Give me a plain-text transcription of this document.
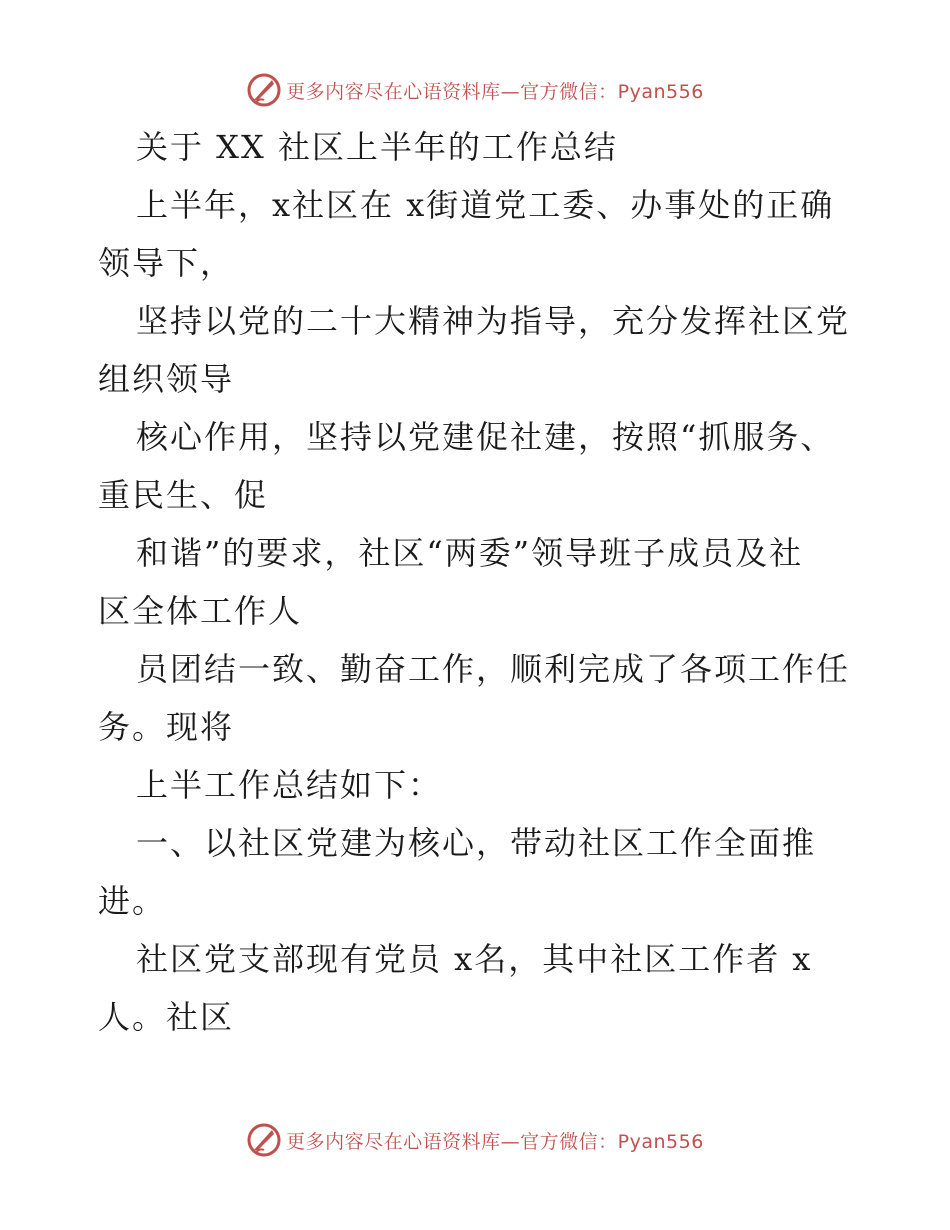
更多内容尽在心语资料库—官方微信：Pyan556

关于 XX 社区上半年的工作总结

上半年，x社区在 x街道党工委、办事处的正确

领导下，

坚持以党的二十大精神为指导，充分发挥社区党

组织领导

核心作用，坚持以党建促社建，按照“抓服务、

重民生、促

和谐”的要求，社区“两委”领导班子成员及社

区全体工作人

员团结一致、勤奋工作，顺利完成了各项工作任

务。现将

上半工作总结如下：

一、以社区党建为核心，带动社区工作全面推

进。

社区党支部现有党员 x名，其中社区工作者 x

人。社区

更多内容尽在心语资料库—官方微信：Pyan556
